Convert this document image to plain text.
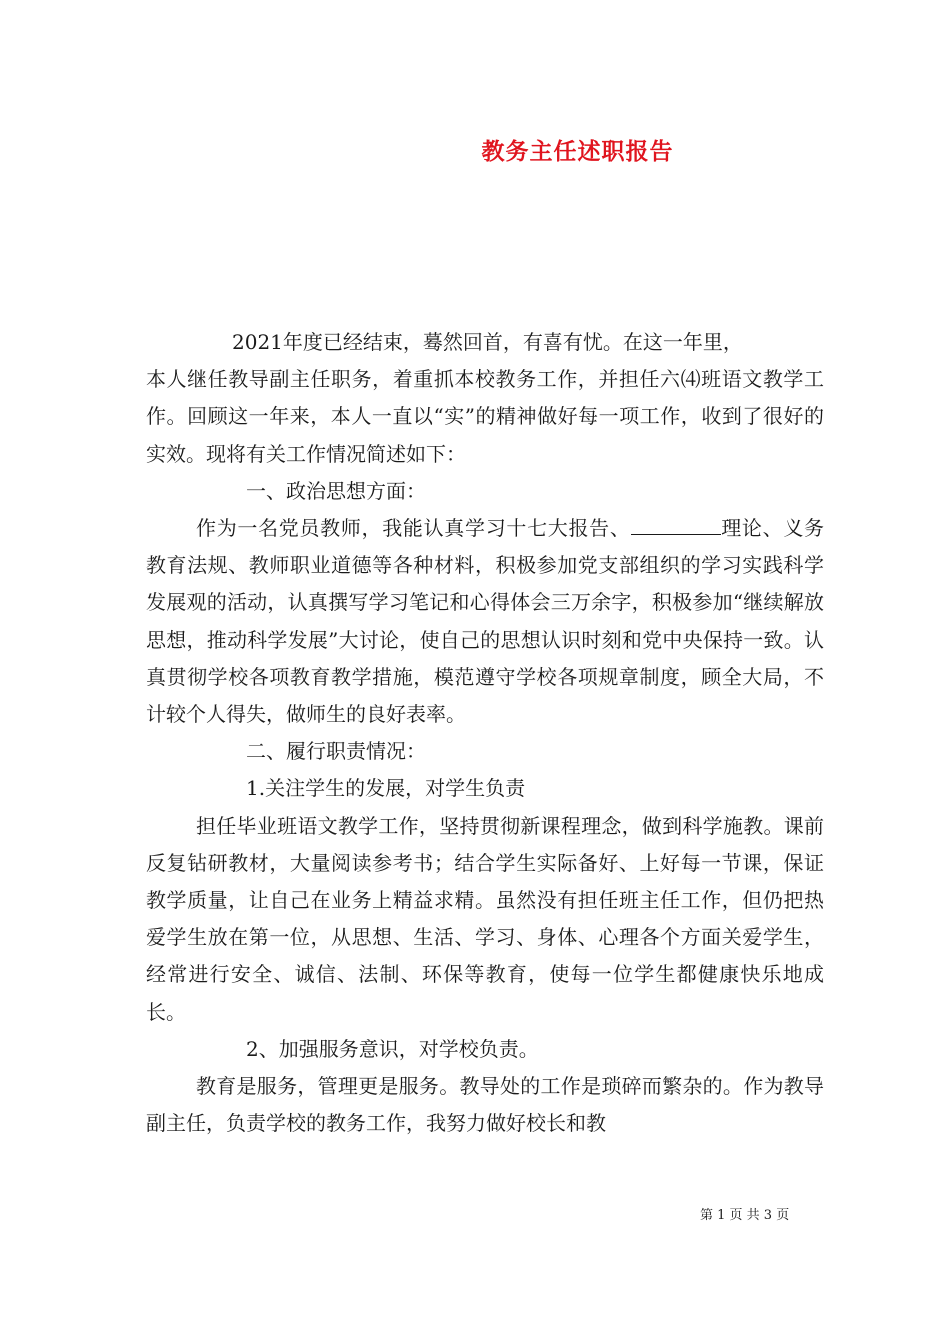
教务主任述职报告

2021年度已经结束，蓦然回首，有喜有忧。在这一年里，

本人继任教导副主任职务，着重抓本校教务工作，并担任六⑷班语文教学工作。回顾这一年来，本人一直以“实”的精神做好每一项工作，收到了很好的实效。现将有关工作情况简述如下：

一、政治思想方面：

作为一名党员教师，我能认真学习十七大报告、	理论、义务教育法规、教师职业道德等各种材料，积极参加党支部组织的学习实践科学发展观的活动，认真撰写学习笔记和心得体会三万余字，积极参加“继续解放思想，推动科学发展”大讨论，使自己的思想认识时刻和党中央保持一致。认真贯彻学校各项教育教学措施，模范遵守学校各项规章制度，顾全大局，不计较个人得失，做师生的良好表率。

二、履行职责情况：

1.关注学生的发展，对学生负责

担任毕业班语文教学工作，坚持贯彻新课程理念，做到科学施教。课前反复钻研教材，大量阅读参考书；结合学生实际备好、上好每一节课，保证教学质量，让自己在业务上精益求精。虽然没有担任班主任工作，但仍把热爱学生放在第一位，从思想、生活、学习、身体、心理各个方面关爱学生，经常进行安全、诚信、法制、环保等教育，使每一位学生都健康快乐地成长。

2、加强服务意识，对学校负责。

教育是服务，管理更是服务。教导处的工作是琐碎而繁杂的。作为教导副主任，负责学校的教务工作，我努力做好校长和教

第 1 页 共 3 页
